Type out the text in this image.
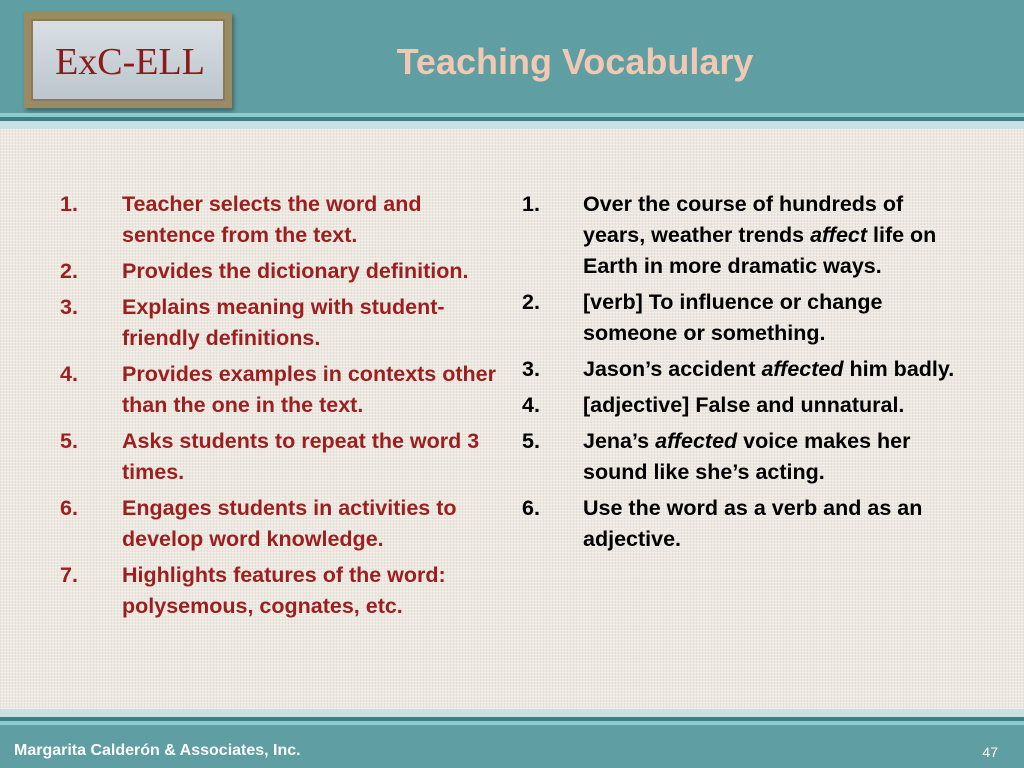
ExC-ELL	Teaching Vocabulary
1. Teacher selects the word and sentence from the text.
2. Provides the dictionary definition.
3. Explains meaning with student-friendly definitions.
4. Provides examples in contexts other than the one in the text.
5. Asks students to repeat the word 3 times.
6. Engages students in activities to develop word knowledge.
7. Highlights features of the word: polysemous, cognates, etc.
1. Over the course of hundreds of years, weather trends affect life on Earth in more dramatic ways.
2. [verb] To influence or change someone or something.
3. Jason’s accident affected him badly.
4. [adjective] False and unnatural.
5. Jena’s affected voice makes her sound like she’s acting.
6. Use the word as a verb and as an adjective.
Margarita Calderón & Associates, Inc.	47
